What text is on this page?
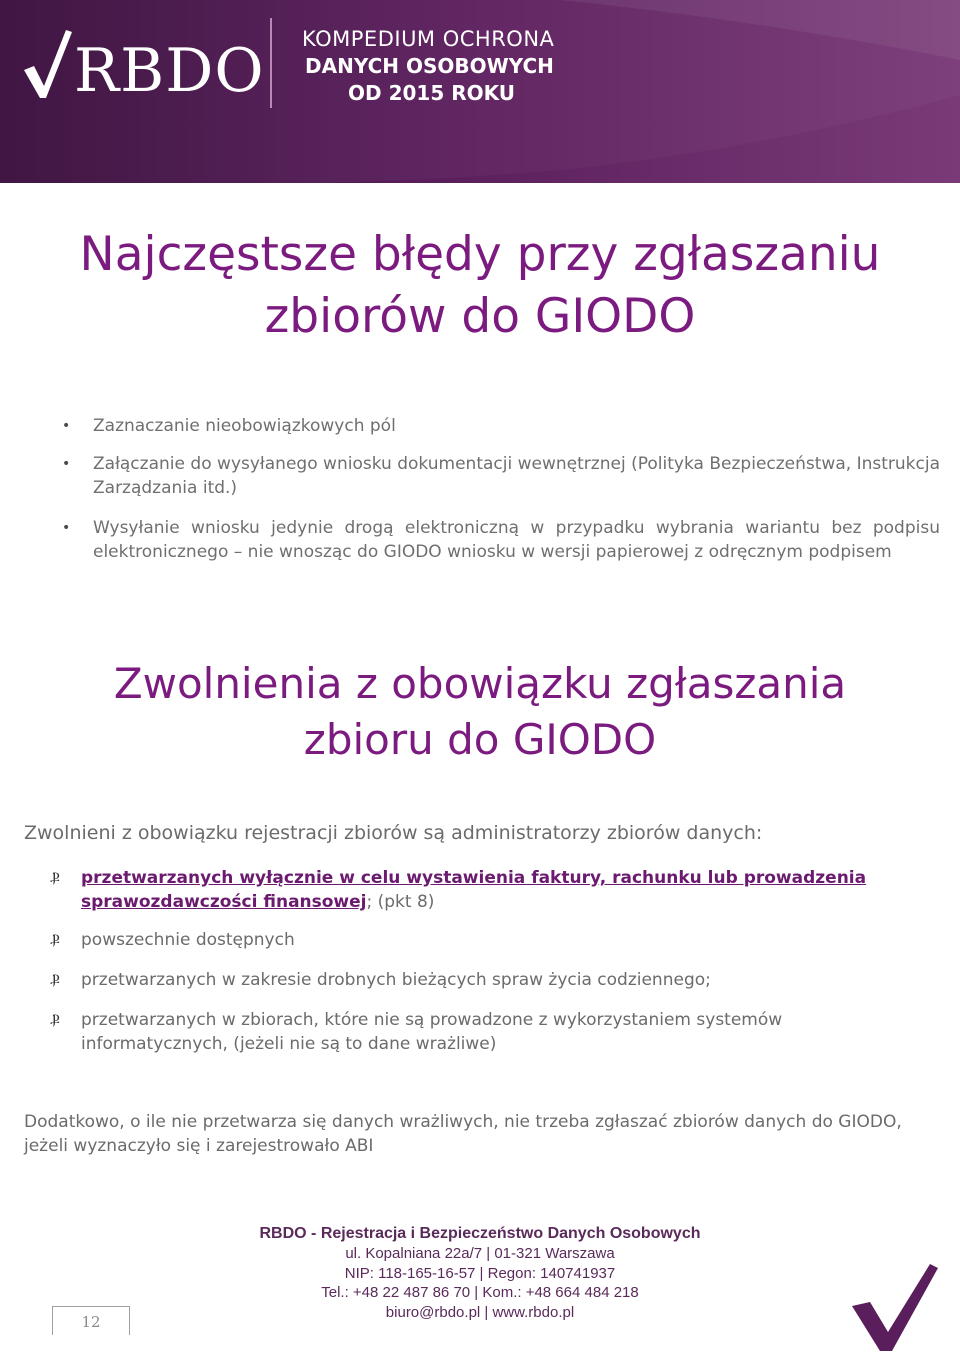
RBDO KOMPEDIUM OCHRONA
DANYCH OSOBOWYCH
OD 2015 ROKU
Najczęstsze błędy przy zgłaszaniu
zbiorów do GIODO
• Zaznaczanie nieobowiązkowych pól
• Załączanie do wysyłanego wniosku dokumentacji wewnętrznej (Polityka Bezpieczeństwa, Instrukcja Zarządzania itd.)
• Wysyłanie wniosku jedynie drogą elektroniczną w przypadku wybrania wariantu bez podpisu elektronicznego – nie wnosząc do GIODO wniosku w wersji papierowej z odręcznym podpisem
Zwolnienia z obowiązku zgłaszania
zbioru do GIODO

Zwolnieni z obowiązku rejestracji zbiorów są administratorzy zbiorów danych:

Ⳁ przetwarzanych wyłącznie w celu wystawienia faktury, rachunku lub prowadzenia sprawozdawczości finansowej; (pkt 8)
Ⳁ powszechnie dostępnych
Ⳁ przetwarzanych w zakresie drobnych bieżących spraw życia codziennego;
Ⳁ przetwarzanych w zbiorach, które nie są prowadzone z wykorzystaniem systemów informatycznych, (jeżeli nie są to dane wrażliwe)

Dodatkowo, o ile nie przetwarza się danych wrażliwych, nie trzeba zgłaszać zbiorów danych do GIODO, jeżeli wyznaczyło się i zarejestrowało ABI

RBDO - Rejestracja i Bezpieczeństwo Danych Osobowych
ul. Kopalniana 22a/7 | 01-321 Warszawa
NIP: 118-165-16-57 | Regon: 140741937
Tel.: +48 22 487 86 70 | Kom.: +48 664 484 218
biuro@rbdo.pl | www.rbdo.pl
12
